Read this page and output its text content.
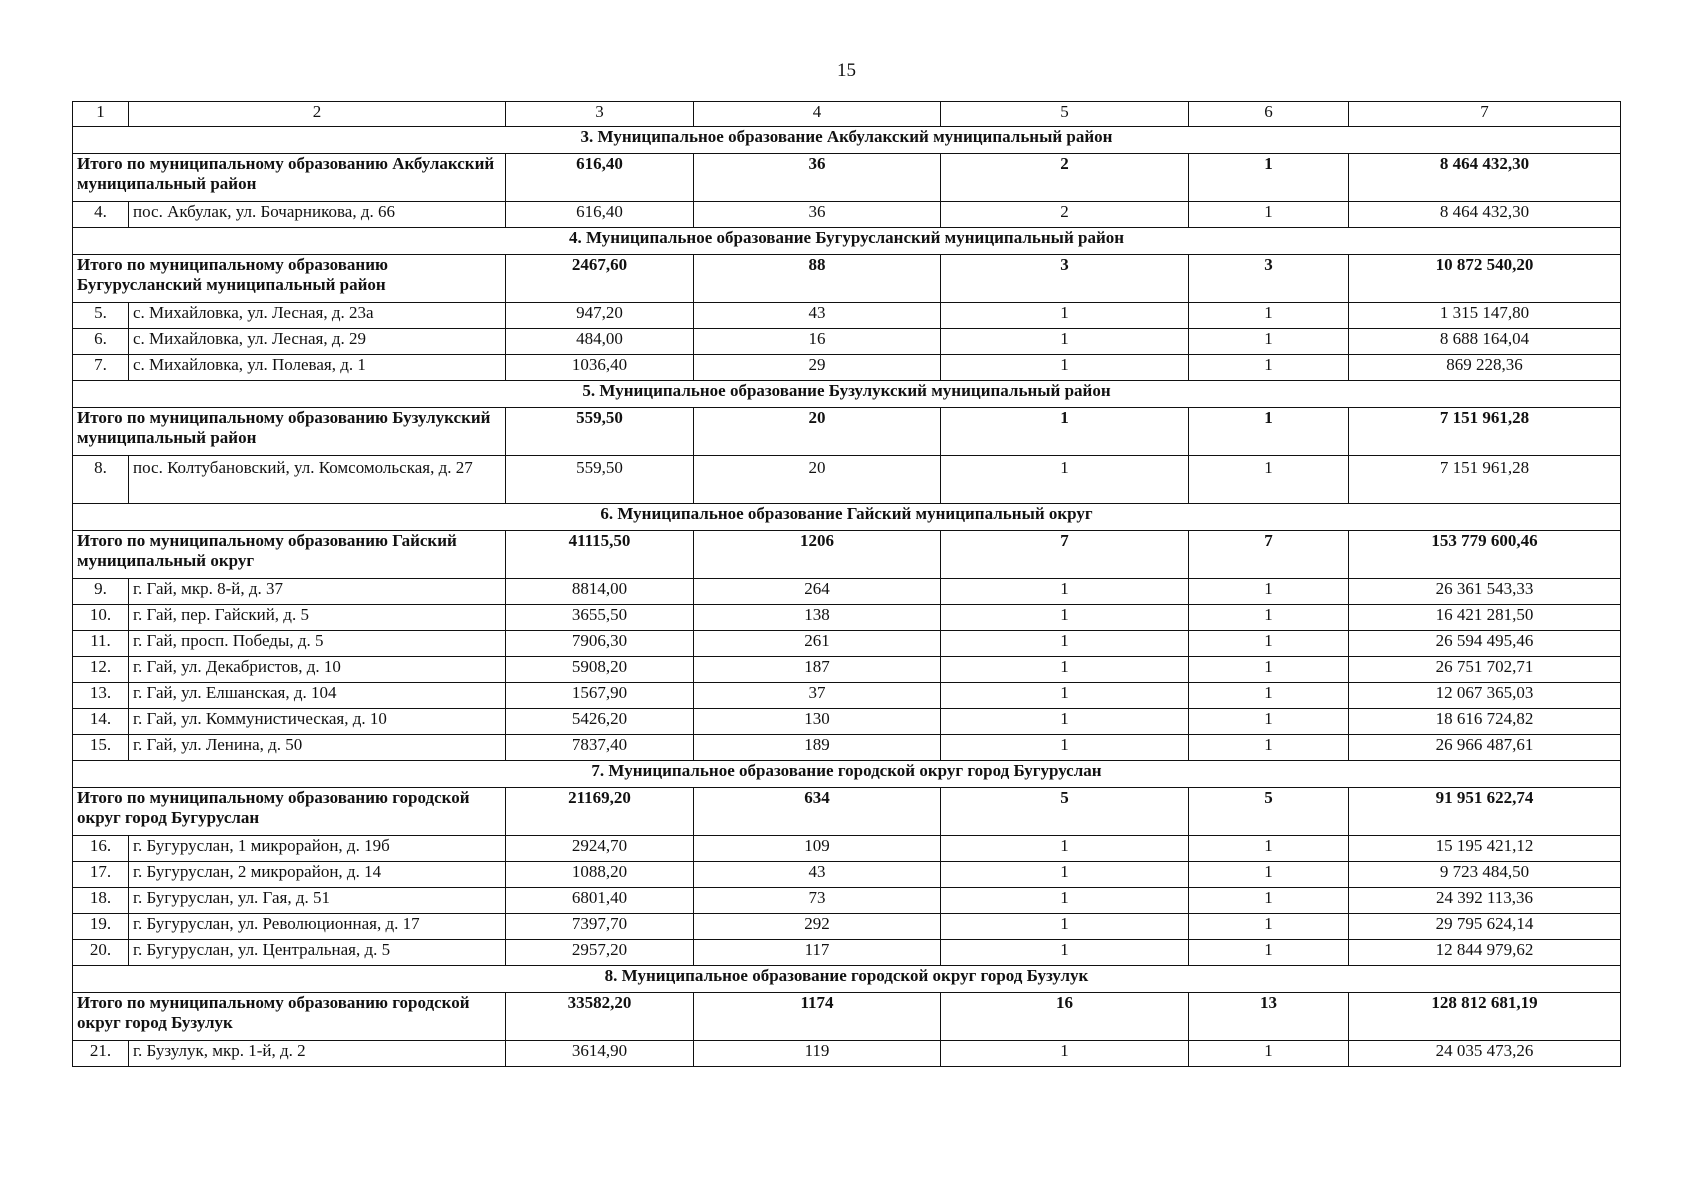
15
1	2	3	4	5	6	7
3. Муниципальное образование Акбулакский муниципальный район						
Итого по муниципальному образованию Акбулакский муниципальный район		616,40	36	2	1	8 464 432,30
4.	пос. Акбулак, ул. Бочарникова, д. 66	616,40	36	2	1	8 464 432,30
4. Муниципальное образование Бугурусланский муниципальный район						
Итого по муниципальному образованию Бугурусланский муниципальный район		2467,60	88	3	3	10 872 540,20
5.	с. Михайловка, ул. Лесная, д. 23а	947,20	43	1	1	1 315 147,80
6.	с. Михайловка, ул. Лесная, д. 29	484,00	16	1	1	8 688 164,04
7.	с. Михайловка, ул. Полевая, д. 1	1036,40	29	1	1	869 228,36
5. Муниципальное образование Бузулукский муниципальный район						
Итого по муниципальному образованию Бузулукский муниципальный район		559,50	20	1	1	7 151 961,28
8.	пос. Колтубановский, ул. Комсомольская, д. 27	559,50	20	1	1	7 151 961,28
6. Муниципальное образование Гайский муниципальный округ						
Итого по муниципальному образованию Гайский муниципальный округ		41115,50	1206	7	7	153 779 600,46
9.	г. Гай, мкр. 8-й, д. 37	8814,00	264	1	1	26 361 543,33
10.	г. Гай, пер. Гайский, д. 5	3655,50	138	1	1	16 421 281,50
11.	г. Гай, просп. Победы, д. 5	7906,30	261	1	1	26 594 495,46
12.	г. Гай, ул. Декабристов, д. 10	5908,20	187	1	1	26 751 702,71
13.	г. Гай, ул. Елшанская, д. 104	1567,90	37	1	1	12 067 365,03
14.	г. Гай, ул. Коммунистическая, д. 10	5426,20	130	1	1	18 616 724,82
15.	г. Гай, ул. Ленина, д. 50	7837,40	189	1	1	26 966 487,61
7. Муниципальное образование городской округ город Бугуруслан						
Итого по муниципальному образованию городской округ город Бугуруслан		21169,20	634	5	5	91 951 622,74
16.	г. Бугуруслан, 1 микрорайон, д. 19б	2924,70	109	1	1	15 195 421,12
17.	г. Бугуруслан, 2 микрорайон, д. 14	1088,20	43	1	1	9 723 484,50
18.	г. Бугуруслан, ул. Гая, д. 51	6801,40	73	1	1	24 392 113,36
19.	г. Бугуруслан, ул. Революционная, д. 17	7397,70	292	1	1	29 795 624,14
20.	г. Бугуруслан, ул. Центральная, д. 5	2957,20	117	1	1	12 844 979,62
8. Муниципальное образование городской округ город Бузулук						
Итого по муниципальному образованию городской округ город Бузулук		33582,20	1174	16	13	128 812 681,19
21.	г. Бузулук, мкр. 1-й, д. 2	3614,90	119	1	1	24 035 473,26
